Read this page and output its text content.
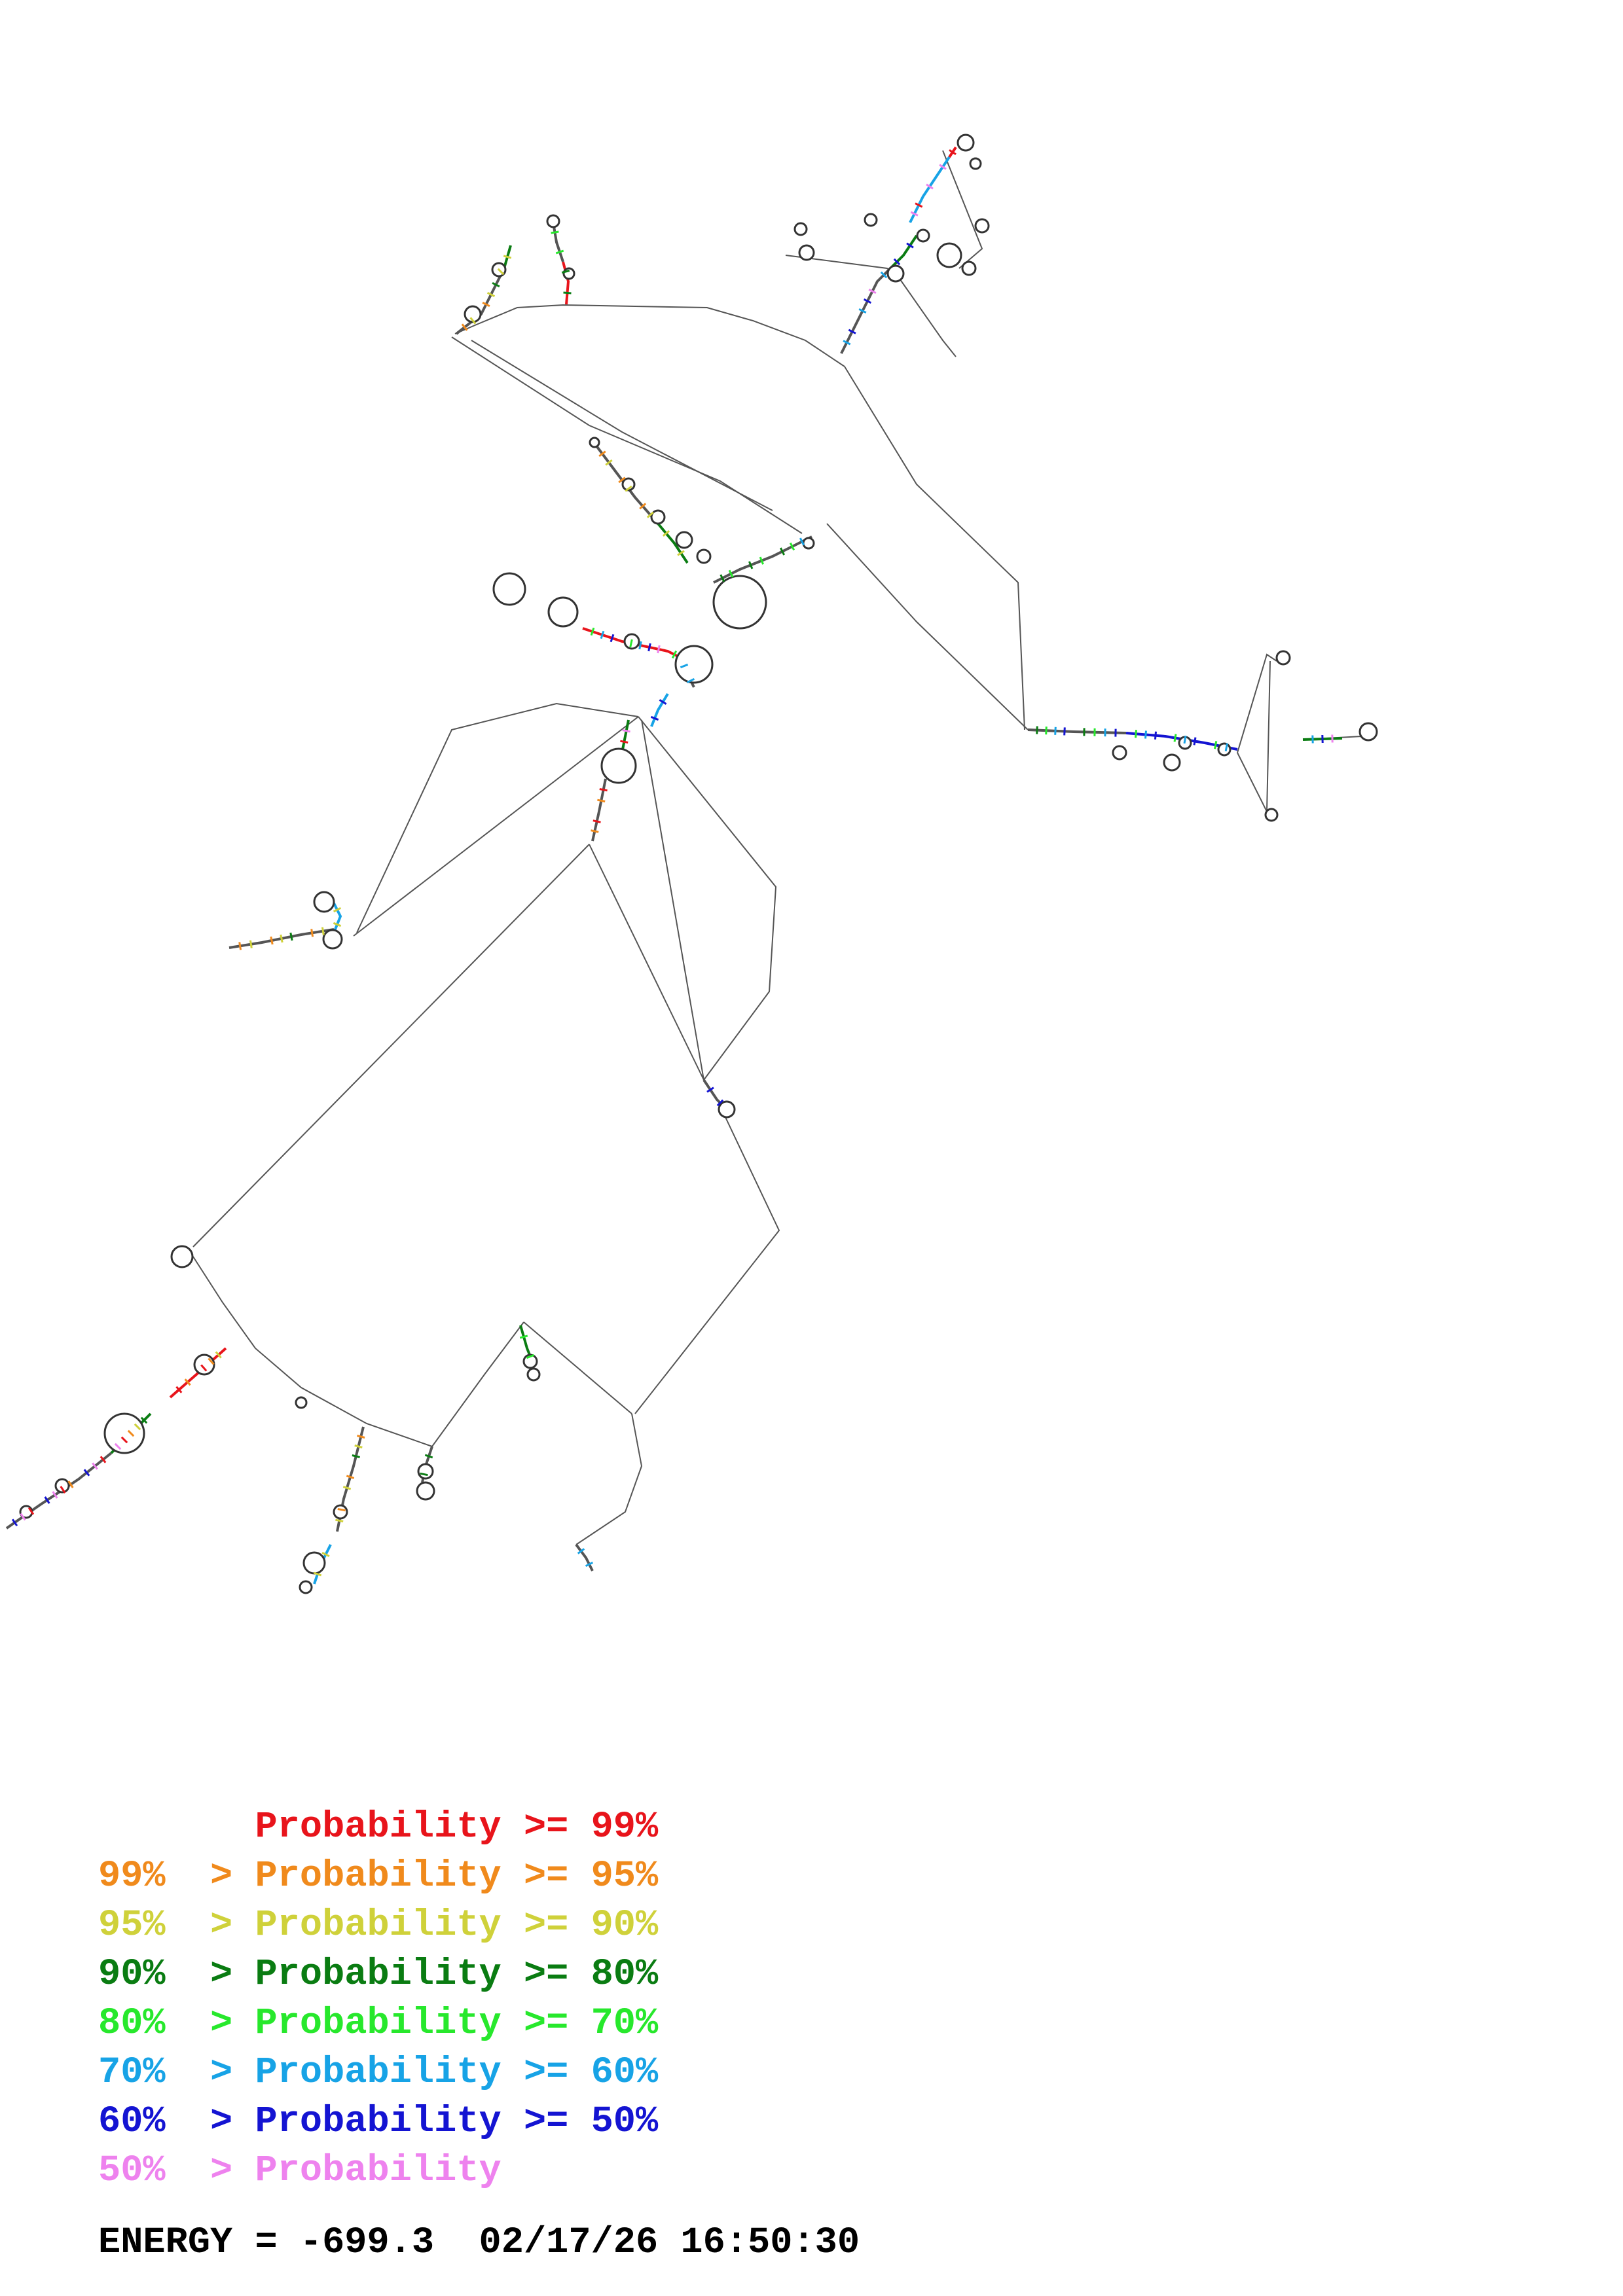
Probability >= 99%
99%  > Probability >= 95%
95%  > Probability >= 90%
90%  > Probability >= 80%
80%  > Probability >= 70%
70%  > Probability >= 60%
60%  > Probability >= 50%
50%  > Probability
ENERGY = -699.3 02/17/26 16:50:30
